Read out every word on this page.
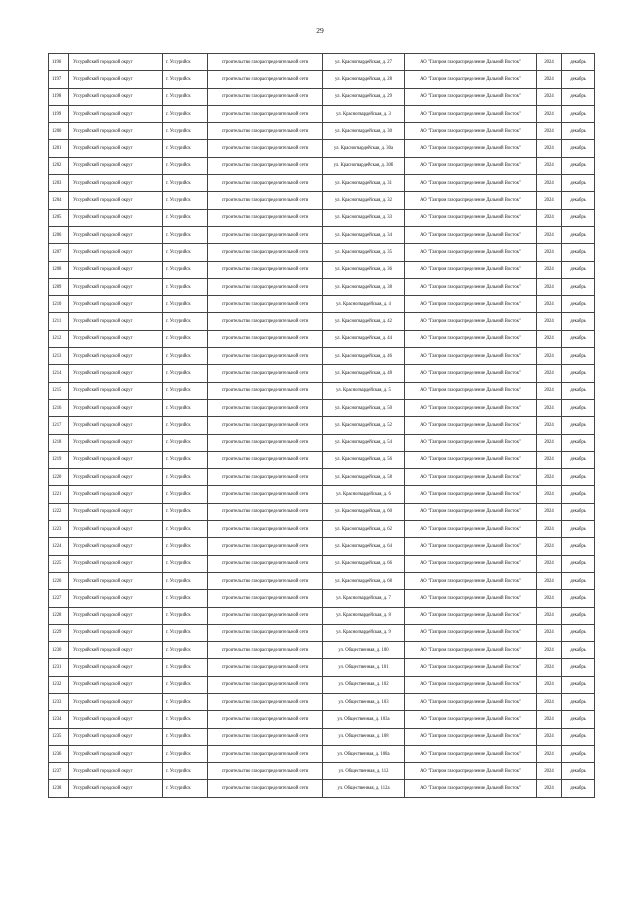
29
1196	Уссурийский городской округ	г. Уссурийск	строительство газораспределительной сети	ул. Красногвардейская, д. 27	АО "Газпром газораспределение Дальний Восток"	2024	декабрь
1197	Уссурийский городской округ	г. Уссурийск	строительство газораспределительной сети	ул. Красногвардейская, д. 28	АО "Газпром газораспределение Дальний Восток"	2024	декабрь
1198	Уссурийский городской округ	г. Уссурийск	строительство газораспределительной сети	ул. Красногвардейская, д. 29	АО "Газпром газораспределение Дальний Восток"	2024	декабрь
1199	Уссурийский городской округ	г. Уссурийск	строительство газораспределительной сети	ул. Красногвардейская, д. 3	АО "Газпром газораспределение Дальний Восток"	2024	декабрь
1200	Уссурийский городской округ	г. Уссурийск	строительство газораспределительной сети	ул. Красногвардейская, д. 30	АО "Газпром газораспределение Дальний Восток"	2024	декабрь
1201	Уссурийский городской округ	г. Уссурийск	строительство газораспределительной сети	ул. Красногвардейская, д. 30а	АО "Газпром газораспределение Дальний Восток"	2024	декабрь
1202	Уссурийский городской округ	г. Уссурийск	строительство газораспределительной сети	ул. Красногвардейская, д. 30б	АО "Газпром газораспределение Дальний Восток"	2024	декабрь
1203	Уссурийский городской округ	г. Уссурийск	строительство газораспределительной сети	ул. Красногвардейская, д. 31	АО "Газпром газораспределение Дальний Восток"	2024	декабрь
1204	Уссурийский городской округ	г. Уссурийск	строительство газораспределительной сети	ул. Красногвардейская, д. 32	АО "Газпром газораспределение Дальний Восток"	2024	декабрь
1205	Уссурийский городской округ	г. Уссурийск	строительство газораспределительной сети	ул. Красногвардейская, д. 33	АО "Газпром газораспределение Дальний Восток"	2024	декабрь
1206	Уссурийский городской округ	г. Уссурийск	строительство газораспределительной сети	ул. Красногвардейская, д. 34	АО "Газпром газораспределение Дальний Восток"	2024	декабрь
1207	Уссурийский городской округ	г. Уссурийск	строительство газораспределительной сети	ул. Красногвардейская, д. 35	АО "Газпром газораспределение Дальний Восток"	2024	декабрь
1208	Уссурийский городской округ	г. Уссурийск	строительство газораспределительной сети	ул. Красногвардейская, д. 36	АО "Газпром газораспределение Дальний Восток"	2024	декабрь
1209	Уссурийский городской округ	г. Уссурийск	строительство газораспределительной сети	ул. Красногвардейская, д. 38	АО "Газпром газораспределение Дальний Восток"	2024	декабрь
1210	Уссурийский городской округ	г. Уссурийск	строительство газораспределительной сети	ул. Красногвардейская, д. 4	АО "Газпром газораспределение Дальний Восток"	2024	декабрь
1211	Уссурийский городской округ	г. Уссурийск	строительство газораспределительной сети	ул. Красногвардейская, д. 42	АО "Газпром газораспределение Дальний Восток"	2024	декабрь
1212	Уссурийский городской округ	г. Уссурийск	строительство газораспределительной сети	ул. Красногвардейская, д. 44	АО "Газпром газораспределение Дальний Восток"	2024	декабрь
1213	Уссурийский городской округ	г. Уссурийск	строительство газораспределительной сети	ул. Красногвардейская, д. 46	АО "Газпром газораспределение Дальний Восток"	2024	декабрь
1214	Уссурийский городской округ	г. Уссурийск	строительство газораспределительной сети	ул. Красногвардейская, д. 48	АО "Газпром газораспределение Дальний Восток"	2024	декабрь
1215	Уссурийский городской округ	г. Уссурийск	строительство газораспределительной сети	ул. Красногвардейская, д. 5	АО "Газпром газораспределение Дальний Восток"	2024	декабрь
1216	Уссурийский городской округ	г. Уссурийск	строительство газораспределительной сети	ул. Красногвардейская, д. 50	АО "Газпром газораспределение Дальний Восток"	2024	декабрь
1217	Уссурийский городской округ	г. Уссурийск	строительство газораспределительной сети	ул. Красногвардейская, д. 52	АО "Газпром газораспределение Дальний Восток"	2024	декабрь
1218	Уссурийский городской округ	г. Уссурийск	строительство газораспределительной сети	ул. Красногвардейская, д. 54	АО "Газпром газораспределение Дальний Восток"	2024	декабрь
1219	Уссурийский городской округ	г. Уссурийск	строительство газораспределительной сети	ул. Красногвардейская, д. 56	АО "Газпром газораспределение Дальний Восток"	2024	декабрь
1220	Уссурийский городской округ	г. Уссурийск	строительство газораспределительной сети	ул. Красногвардейская, д. 58	АО "Газпром газораспределение Дальний Восток"	2024	декабрь
1221	Уссурийский городской округ	г. Уссурийск	строительство газораспределительной сети	ул. Красногвардейская, д. 6	АО "Газпром газораспределение Дальний Восток"	2024	декабрь
1222	Уссурийский городской округ	г. Уссурийск	строительство газораспределительной сети	ул. Красногвардейская, д. 60	АО "Газпром газораспределение Дальний Восток"	2024	декабрь
1223	Уссурийский городской округ	г. Уссурийск	строительство газораспределительной сети	ул. Красногвардейская, д. 62	АО "Газпром газораспределение Дальний Восток"	2024	декабрь
1224	Уссурийский городской округ	г. Уссурийск	строительство газораспределительной сети	ул. Красногвардейская, д. 64	АО "Газпром газораспределение Дальний Восток"	2024	декабрь
1225	Уссурийский городской округ	г. Уссурийск	строительство газораспределительной сети	ул. Красногвардейская, д. 66	АО "Газпром газораспределение Дальний Восток"	2024	декабрь
1226	Уссурийский городской округ	г. Уссурийск	строительство газораспределительной сети	ул. Красногвардейская, д. 68	АО "Газпром газораспределение Дальний Восток"	2024	декабрь
1227	Уссурийский городской округ	г. Уссурийск	строительство газораспределительной сети	ул. Красногвардейская, д. 7	АО "Газпром газораспределение Дальний Восток"	2024	декабрь
1228	Уссурийский городской округ	г. Уссурийск	строительство газораспределительной сети	ул. Красногвардейская, д. 8	АО "Газпром газораспределение Дальний Восток"	2024	декабрь
1229	Уссурийский городской округ	г. Уссурийск	строительство газораспределительной сети	ул. Красногвардейская, д. 9	АО "Газпром газораспределение Дальний Восток"	2024	декабрь
1230	Уссурийский городской округ	г. Уссурийск	строительство газораспределительной сети	ул. Общественная, д. 100	АО "Газпром газораспределение Дальний Восток"	2024	декабрь
1231	Уссурийский городской округ	г. Уссурийск	строительство газораспределительной сети	ул. Общественная, д. 101	АО "Газпром газораспределение Дальний Восток"	2024	декабрь
1232	Уссурийский городской округ	г. Уссурийск	строительство газораспределительной сети	ул. Общественная, д. 102	АО "Газпром газораспределение Дальний Восток"	2024	декабрь
1233	Уссурийский городской округ	г. Уссурийск	строительство газораспределительной сети	ул. Общественная, д. 103	АО "Газпром газораспределение Дальний Восток"	2024	декабрь
1234	Уссурийский городской округ	г. Уссурийск	строительство газораспределительной сети	ул. Общественная, д. 103а	АО "Газпром газораспределение Дальний Восток"	2024	декабрь
1235	Уссурийский городской округ	г. Уссурийск	строительство газораспределительной сети	ул. Общественная, д. 108	АО "Газпром газораспределение Дальний Восток"	2024	декабрь
1236	Уссурийский городской округ	г. Уссурийск	строительство газораспределительной сети	ул. Общественная, д. 108а	АО "Газпром газораспределение Дальний Восток"	2024	декабрь
1237	Уссурийский городской округ	г. Уссурийск	строительство газораспределительной сети	ул. Общественная, д. 112	АО "Газпром газораспределение Дальний Восток"	2024	декабрь
1238	Уссурийский городской округ	г. Уссурийск	строительство газораспределительной сети	ул. Общественная, д. 112а	АО "Газпром газораспределение Дальний Восток"	2024	декабрь
